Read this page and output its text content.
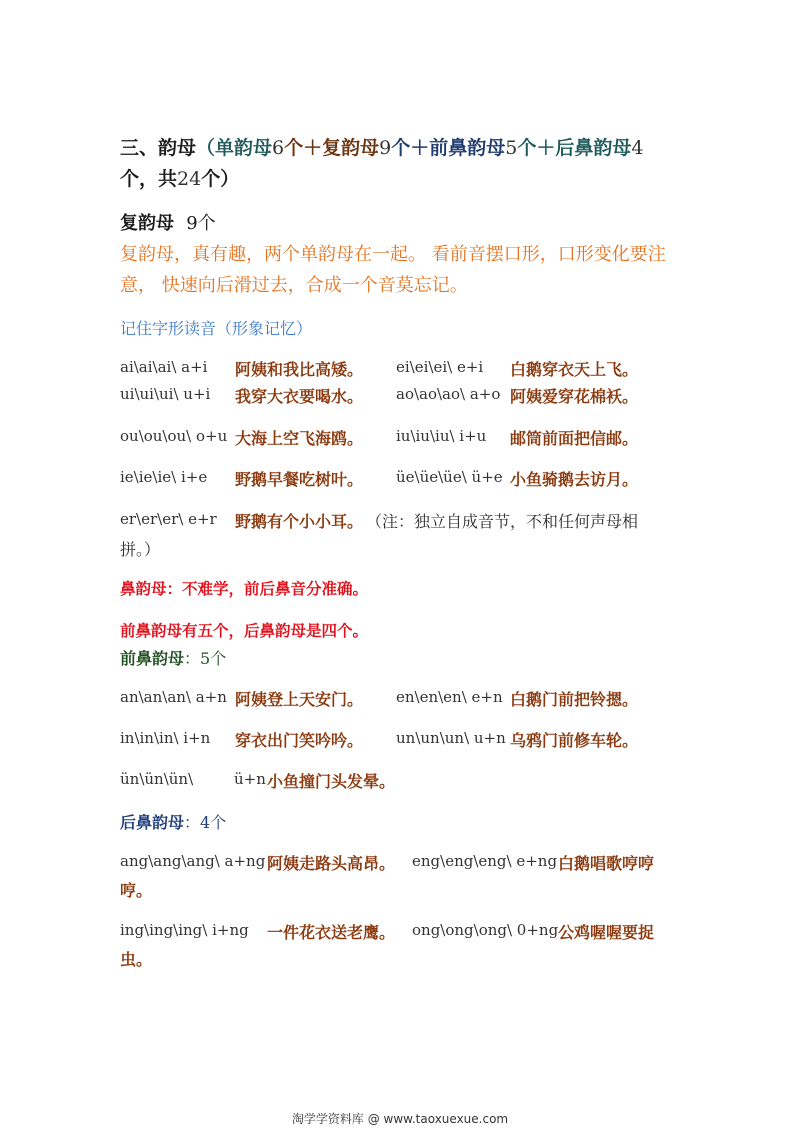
三、韵母（单韵母6个＋复韵母9个＋前鼻韵母5个＋后鼻韵母4
个，共24个）
复韵母 9个
复韵母，真有趣，两个单韵母在一起。 看前音摆口形，口形变化要注
意， 快速向后滑过去，合成一个音莫忘记。
记住字形读音（形象记忆）
ai\ai\ai\ a+i 阿姨和我比高矮。 ei\ei\ei\ e+i 白鹅穿衣天上飞。
ui\ui\ui\ u+i 我穿大衣要喝水。 ao\ao\ao\ a+o 阿姨爱穿花棉袄。
ou\ou\ou\ o+u 大海上空飞海鸥。 iu\iu\iu\ i+u 邮筒前面把信邮。
ie\ie\ie\ i+e 野鹅早餐吃树叶。 üe\üe\üe\ ü+e 小鱼骑鹅去访月。
er\er\er\ e+r 野鹅有个小小耳。 （注：独立自成音节，不和任何声母相
拼。）
鼻韵母：不难学，前后鼻音分准确。
前鼻韵母有五个，后鼻韵母是四个。
前鼻韵母：5个
an\an\an\ a+n 阿姨登上天安门。 en\en\en\ e+n 白鹅门前把铃摁。
in\in\in\ i+n 穿衣出门笑吟吟。 un\un\un\ u+n 乌鸦门前修车轮。
ün\ün\ün\	ü+n 小鱼撞门头发晕。
后鼻韵母：4个
ang\ang\ang\ a+ng 阿姨走路头高昂。 eng\eng\eng\ e+ng 白鹅唱歌哼哼
哼。
ing\ing\ing\ i+ng 一件花衣送老鹰。 ong\ong\ong\ 0+ng 公鸡喔喔要捉
虫。
淘学学资料库 @ www.taoxuexue.com
